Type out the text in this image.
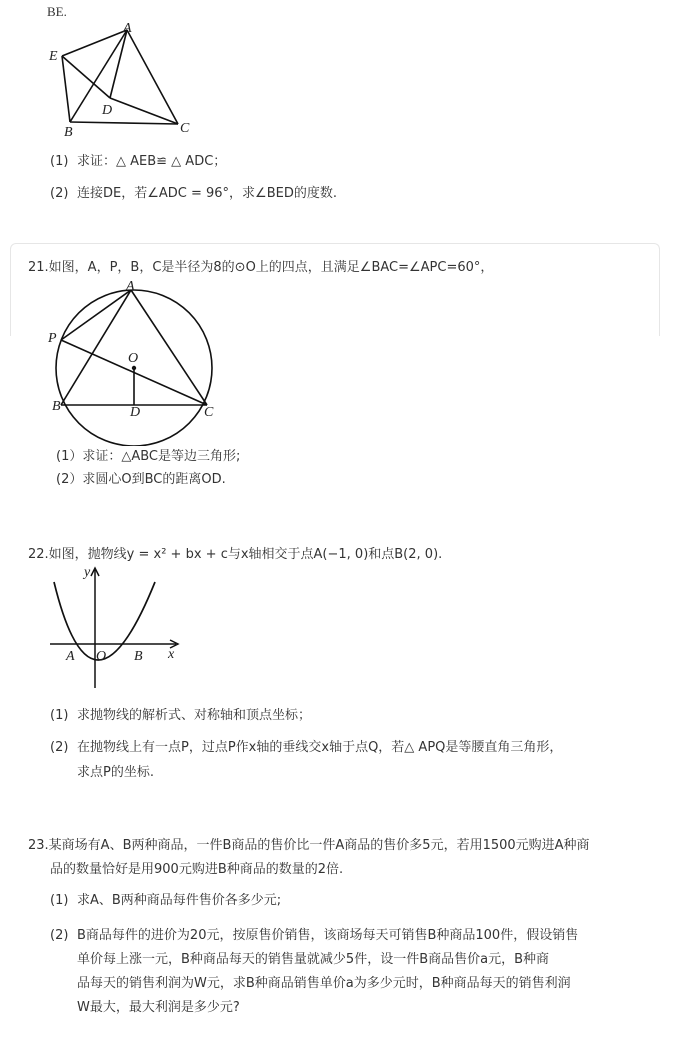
BE.
A
E
D
B	C
(1) 求证：△ AEB≌ △ ADC；
(2) 连接DE，若∠ADC = 96°，求∠BED的度数.
21.如图，A，P，B，C是半径为8的⊙O上的四点，且满足∠BAC=∠APC=60°，
A
P
O
B	D	C
(1）求证：△ABC是等边三角形;
(2）求圆心O到BC的距离OD.
22.如图，抛物线y = x² + bx + c与x轴相交于点A(−1, 0)和点B(2, 0).
y
x
A O B
(1) 求抛物线的解析式、对称轴和顶点坐标；
(2) 在抛物线上有一点P，过点P作x轴的垂线交x轴于点Q，若△ APQ是等腰直角三角形，
求点P的坐标.
23.某商场有A、B两种商品，一件B商品的售价比一件A商品的售价多5元，若用1500元购进A种商
品的数量恰好是用900元购进B种商品的数量的2倍.
(1) 求A、B两种商品每件售价各多少元;
(2) B商品每件的进价为20元，按原售价销售，该商场每天可销售B种商品100件，假设销售
单价每上涨一元，B种商品每天的销售量就减少5件，设一件B商品售价a元，B种商
品每天的销售利润为W元，求B种商品销售单价a为多少元时，B种商品每天的销售利润
W最大，最大利润是多少元?
